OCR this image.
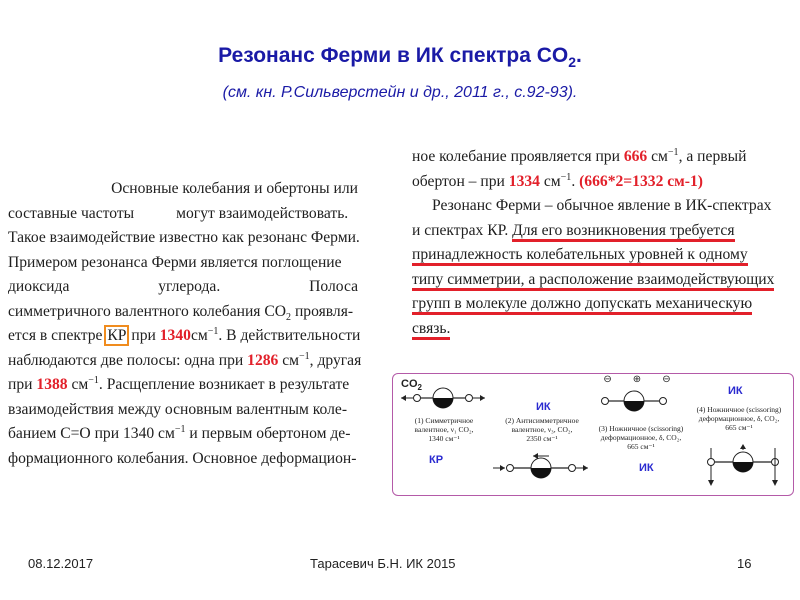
Резонанс Ферми в ИК спектра $CO_2$.
(см. кн. Р.Сильверстейн и др., 2011 г., с.92-93).
Основные колебания и обертоны или
составные частоты	могут взаимодействовать.
Такое взаимодействие известно как резонанс Ферми.
Примером резонанса Ферми является поглощение
диоксида углерода.	Полоса
симметричного валентного колебания $CO_2$ проявля-
ется в спектре КР при $1340см^{-1}$. В действительности
наблюдаются две полосы: одна при 1286 $см^{-1}$, другая
при 1388 $см^{-1}$. Расщепление возникает в результате
взаимодействия между основным валентным коле-
банием C=O при 1340 $см^{-1}$ и первым обертоном де-
формационного колебания. Основное деформацион-
ное колебание проявляется при 666 $см^{-1}$, а первый
обертон – при 1334 $см^{-1}$. (666*2=1332 см-1)
Резонанс Ферми – обычное явление в ИК-спектрах
и спектрах КР. Для его возникновения требуется
принадлежность колебательных уровней к одному
типу симметрии, а расположение взаимодействующих
групп в молекуле должно допускать механическую
связь.
$CO_2$
(1) Симметричное
валентное, ν₁ CO₂,
1340 см⁻¹
КР
ИК
(2) Антисимметричное
валентное, ν₃, CO₂,
2350 см⁻¹
⊖ ⊕ ⊖
(3) Ножничное (scissoring)
деформационное, δ, CO₂,
665 см⁻¹
ИК
ИК
(4) Ножничное (scissoring)
деформационное, δ, CO₂,
665 см⁻¹
08.12.2017	Тарасевич Б.Н. ИК 2015	16
